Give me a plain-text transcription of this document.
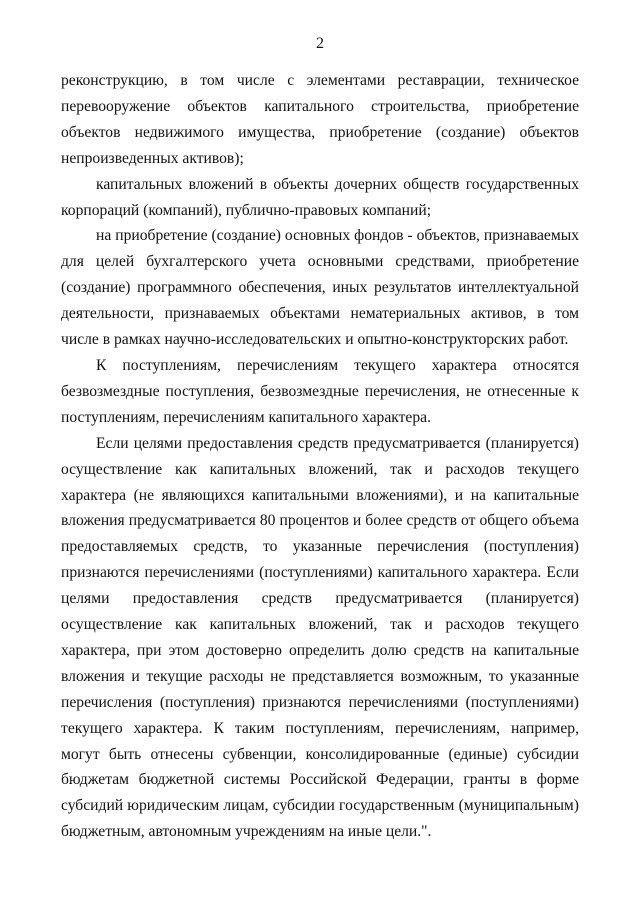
2

реконструкцию, в том числе с элементами реставрации, техническое перевооружение объектов капитального строительства, приобретение объектов недвижимого имущества, приобретение (создание) объектов непроизведенных активов);

капитальных вложений в объекты дочерних обществ государственных корпораций (компаний), публично-правовых компаний;

на приобретение (создание) основных фондов - объектов, признаваемых для целей бухгалтерского учета основными средствами, приобретение (создание) программного обеспечения, иных результатов интеллектуальной деятельности, признаваемых объектами нематериальных активов, в том числе в рамках научно-исследовательских и опытно-конструкторских работ.

К поступлениям, перечислениям текущего характера относятся безвозмездные поступления, безвозмездные перечисления, не отнесенные к поступлениям, перечислениям капитального характера.

Если целями предоставления средств предусматривается (планируется) осуществление как капитальных вложений, так и расходов текущего характера (не являющихся капитальными вложениями), и на капитальные вложения предусматривается 80 процентов и более средств от общего объема предоставляемых средств, то указанные перечисления (поступления) признаются перечислениями (поступлениями) капитального характера. Если целями предоставления средств предусматривается (планируется) осуществление как капитальных вложений, так и расходов текущего характера, при этом достоверно определить долю средств на капитальные вложения и текущие расходы не представляется возможным, то указанные перечисления (поступления) признаются перечислениями (поступлениями) текущего характера. К таким поступлениям, перечислениям, например, могут быть отнесены субвенции, консолидированные (единые) субсидии бюджетам бюджетной системы Российской Федерации, гранты в форме субсидий юридическим лицам, субсидии государственным (муниципальным) бюджетным, автономным учреждениям на иные цели.".
